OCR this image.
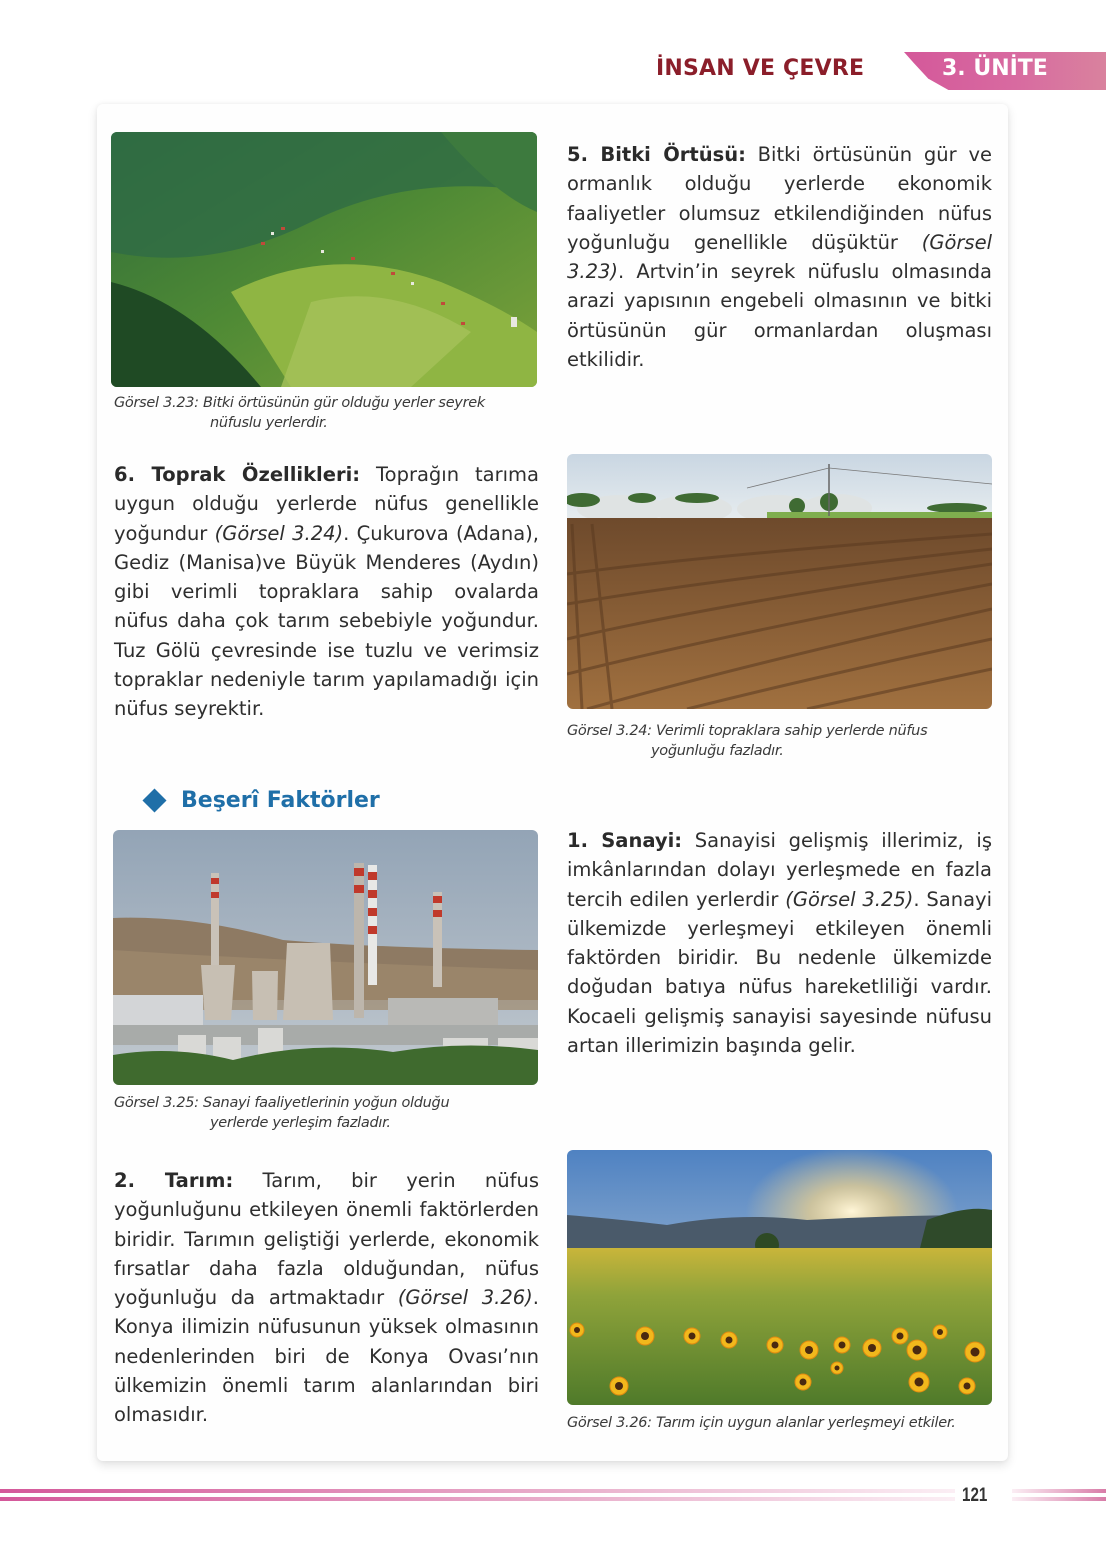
İNSAN VE ÇEVRE	3. ÜNİTE
Görsel 3.23: Bitki örtüsünün gür olduğu yerler seyrek
nüfuslu yerlerdir.
5. Bitki Örtüsü: Bitki örtüsünün gür ve ormanlık olduğu yerlerde ekonomik faaliyetler olumsuz etkilendiğinden nüfus yoğunluğu genellikle düşüktür (Görsel 3.23). Artvin’in seyrek nüfuslu olmasında arazi yapısının engebeli olmasının ve bitki örtüsünün gür ormanlardan oluşması etkilidir.
6. Toprak Özellikleri: Toprağın tarıma uygun olduğu yerlerde nüfus genellikle yoğundur (Görsel 3.24). Çukurova (Adana), Gediz (Manisa)ve Büyük Menderes (Aydın) gibi verimli topraklara sahip ovalarda nüfus daha çok tarım sebebiyle yoğundur. Tuz Gölü çevresinde ise tuzlu ve verimsiz topraklar nedeniyle tarım yapılamadığı için nüfus seyrektir.
Görsel 3.24: Verimli topraklara sahip yerlerde nüfus
yoğunluğu fazladır.
Beşerî Faktörler
Görsel 3.25: Sanayi faaliyetlerinin yoğun olduğu
yerlerde yerleşim fazladır.
1. Sanayi: Sanayisi gelişmiş illerimiz, iş imkânlarından dolayı yerleşmede en fazla tercih edilen yerlerdir (Görsel 3.25). Sanayi ülkemizde yerleşmeyi etkileyen önemli faktörden biridir. Bu nedenle ülkemizde doğudan batıya nüfus hareketliliği vardır. Kocaeli gelişmiş sanayisi sayesinde nüfusu artan illerimizin başında gelir.
2. Tarım: Tarım, bir yerin nüfus yoğunluğunu etkileyen önemli faktörlerden biridir. Tarımın geliştiği yerlerde, ekonomik fırsatlar daha fazla olduğundan, nüfus yoğunluğu da artmaktadır (Görsel 3.26). Konya ilimizin nüfusunun yüksek olmasının nedenlerinden biri de Konya Ovası’nın ülkemizin önemli tarım alanlarından biri olmasıdır.	Görsel 3.26: Tarım için uygun alanlar yerleşmeyi etkiler.
121
